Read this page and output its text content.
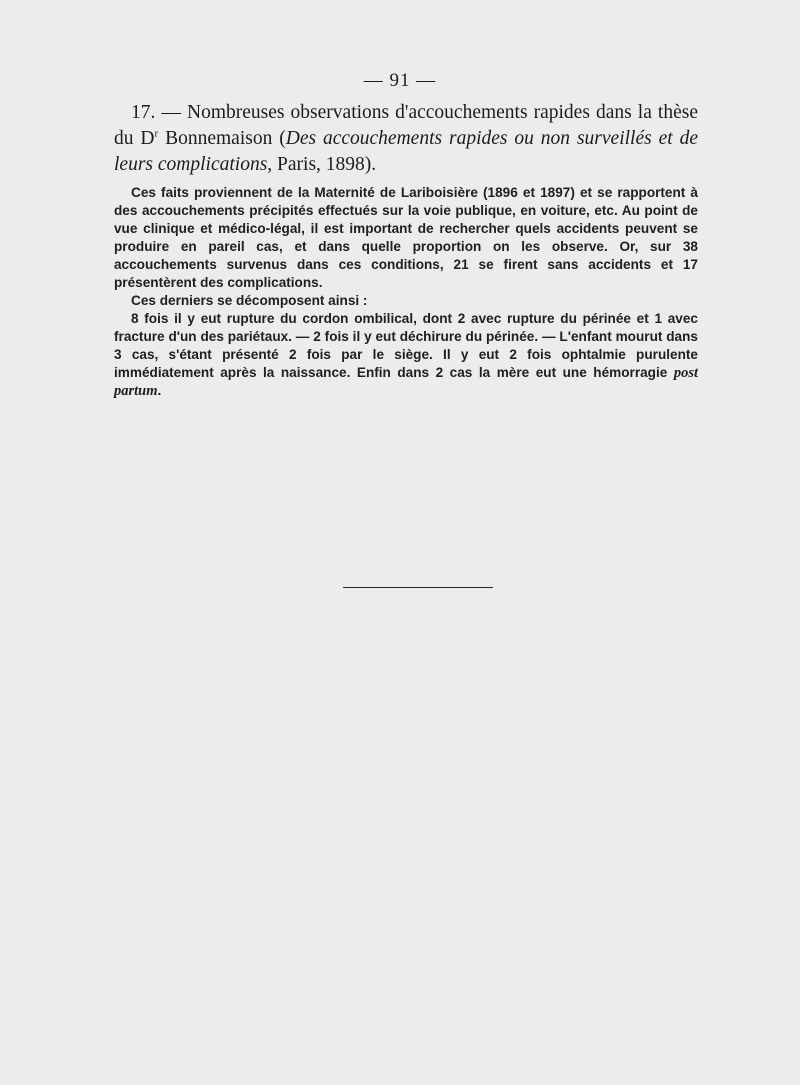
— 91 —
17. — Nombreuses observations d'accouchements rapides dans la thèse du $D^r$ Bonnemaison (Des accouchements rapides ou non surveillés et de leurs complications, Paris, 1898).

Ces faits proviennent de la Maternité de Lariboisière (1896 et 1897) et se rapportent à des accouchements précipités effectués sur la voie publique, en voiture, etc. Au point de vue clinique et médico-légal, il est important de rechercher quels accidents peuvent se produire en pareil cas, et dans quelle proportion on les observe. Or, sur 38 accouchements survenus dans ces conditions, 21 se firent sans accidents et 17 présentèrent des complications.

Ces derniers se décomposent ainsi :

8 fois il y eut rupture du cordon ombilical, dont 2 avec rupture du périnée et 1 avec fracture d'un des pariétaux. — 2 fois il y eut déchirure du périnée. — L'enfant mourut dans 3 cas, s'étant présenté 2 fois par le siège. Il y eut 2 fois ophtalmie purulente immédiatement après la naissance. Enfin dans 2 cas la mère eut une hémorragie post partum.
